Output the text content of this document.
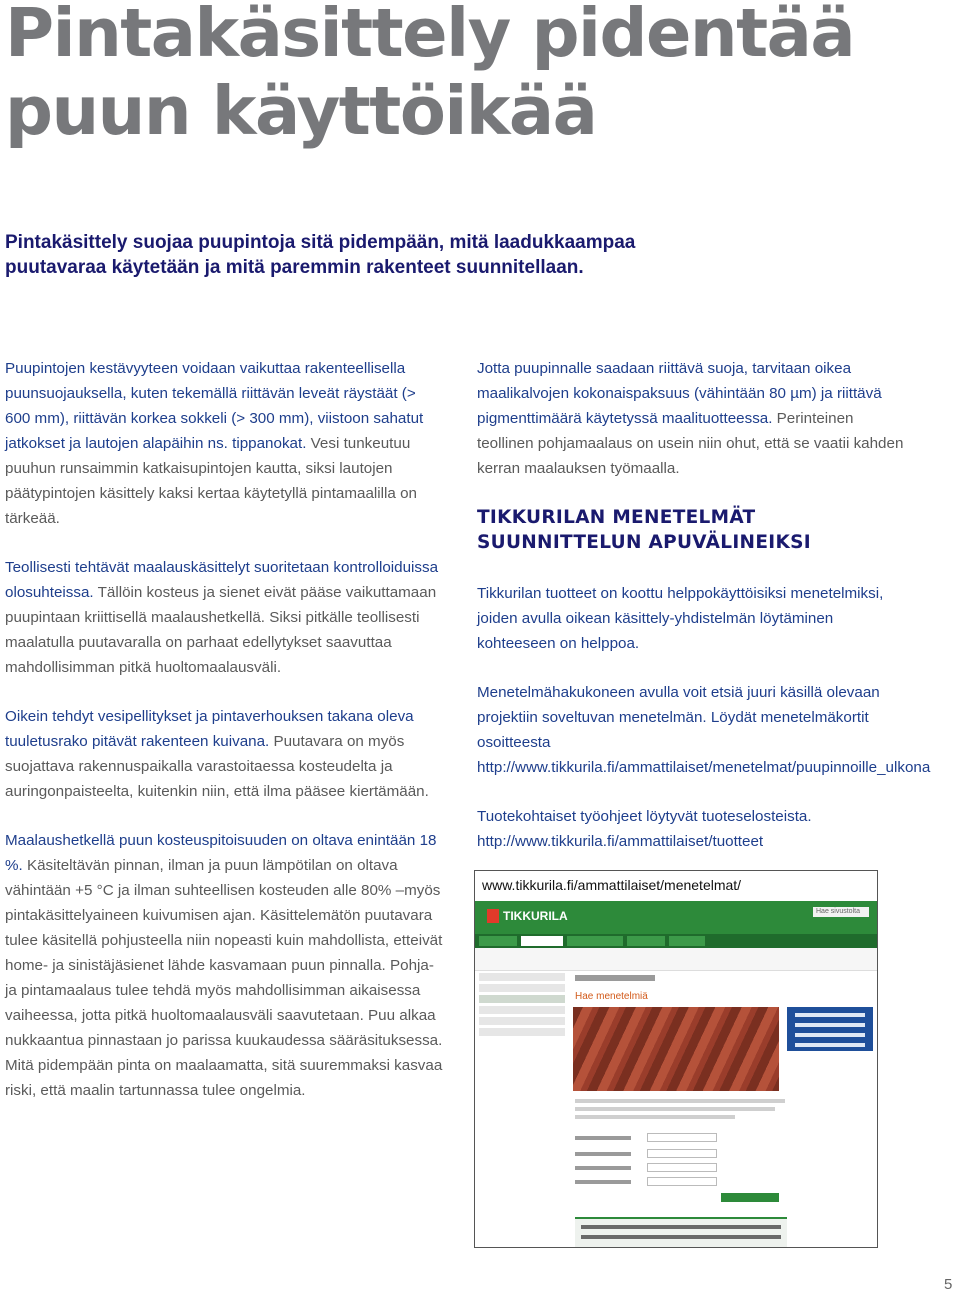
Pintakäsittely pidentää
puun käyttöikää

Pintakäsittely suojaa puupintoja sitä pidempään, mitä laadukkaampaa
puutavaraa käytetään ja mitä paremmin rakenteet suunnitellaan.

Puupintojen kestävyyteen voidaan vaikuttaa rakenteellisella puunsuojauksella, kuten tekemällä riittävän leveät räystäät (> 600 mm), riittävän korkea sokkeli (> 300 mm), viistoon sahatut jatkokset ja lautojen alapäihin ns. tippanokat. Vesi tunkeutuu puuhun runsaimmin katkaisupintojen kautta, siksi lautojen päätypintojen käsittely kaksi kertaa käytetyllä pintamaalilla on tärkeää.

Teollisesti tehtävät maalauskäsittelyt suoritetaan kontrolloiduissa olosuhteissa. Tällöin kosteus ja sienet eivät pääse vaikuttamaan puupintaan kriittisellä maalaushetkellä. Siksi pitkälle teollisesti maalatulla puutavaralla on parhaat edellytykset saavuttaa mahdollisimman pitkä huoltomaalausväli.

Oikein tehdyt vesipellitykset ja pintaverhouksen takana oleva tuuletusrako pitävät rakenteen kuivana. Puutavara on myös suojattava rakennuspaikalla varastoitaessa kosteudelta ja auringonpaisteelta, kuitenkin niin, että ilma pääsee kiertämään.

Maalaushetkellä puun kosteuspitoisuuden on oltava enintään 18 %. Käsiteltävän pinnan, ilman ja puun lämpötilan on oltava vähintään +5 °C ja ilman suhteellisen kosteuden alle 80% –myös pintakäsittelyaineen kuivumisen ajan. Käsittelemätön puutavara tulee käsitellä pohjusteella niin nopeasti kuin mahdollista, etteivät home- ja sinistäjäsienet lähde kasvamaan puun pinnalla. Pohja- ja pintamaalaus tulee tehdä myös mahdollisimman aikaisessa vaiheessa, jotta pitkä huoltomaalausväli saavutetaan. Puu alkaa nukkaantua pinnastaan jo parissa kuukaudessa sääräsituksessa. Mitä pidempään pinta on maalaamatta, sitä suuremmaksi kasvaa riski, että maalin tartunnassa tulee ongelmia.

Jotta puupinnalle saadaan riittävä suoja, tarvitaan oikea maalikalvojen kokonaispaksuus (vähintään 80 µm) ja riittävä pigmenttimäärä käytetyssä maalituotteessa. Perinteinen teollinen pohjamaalaus on usein niin ohut, että se vaatii kahden kerran maalauksen työmaalla.

TIKKURILAN MENETELMÄT
SUUNNITTELUN APUVÄLINEIKSI

Tikkurilan tuotteet on koottu helppokäyttöisiksi menetelmiksi, joiden avulla oikean käsittely-yhdistelmän löytäminen kohteeseen on helppoa.

Menetelmähakukoneen avulla voit etsiä juuri käsillä olevaan projektiin soveltuvan menetelmän. Löydät menetelmäkortit osoitteesta http://www.tikkurila.fi/ammattilaiset/menetelmat/puupinnoille_ulkona

Tuotekohtaiset työohjeet löytyvät tuoteselosteista.
http://www.tikkurila.fi/ammattilaiset/tuotteet

www.tikkurila.fi/ammattilaiset/menetelmat/
TIKKURILA	Hae sivustolta
Hae menetelmiä
5
